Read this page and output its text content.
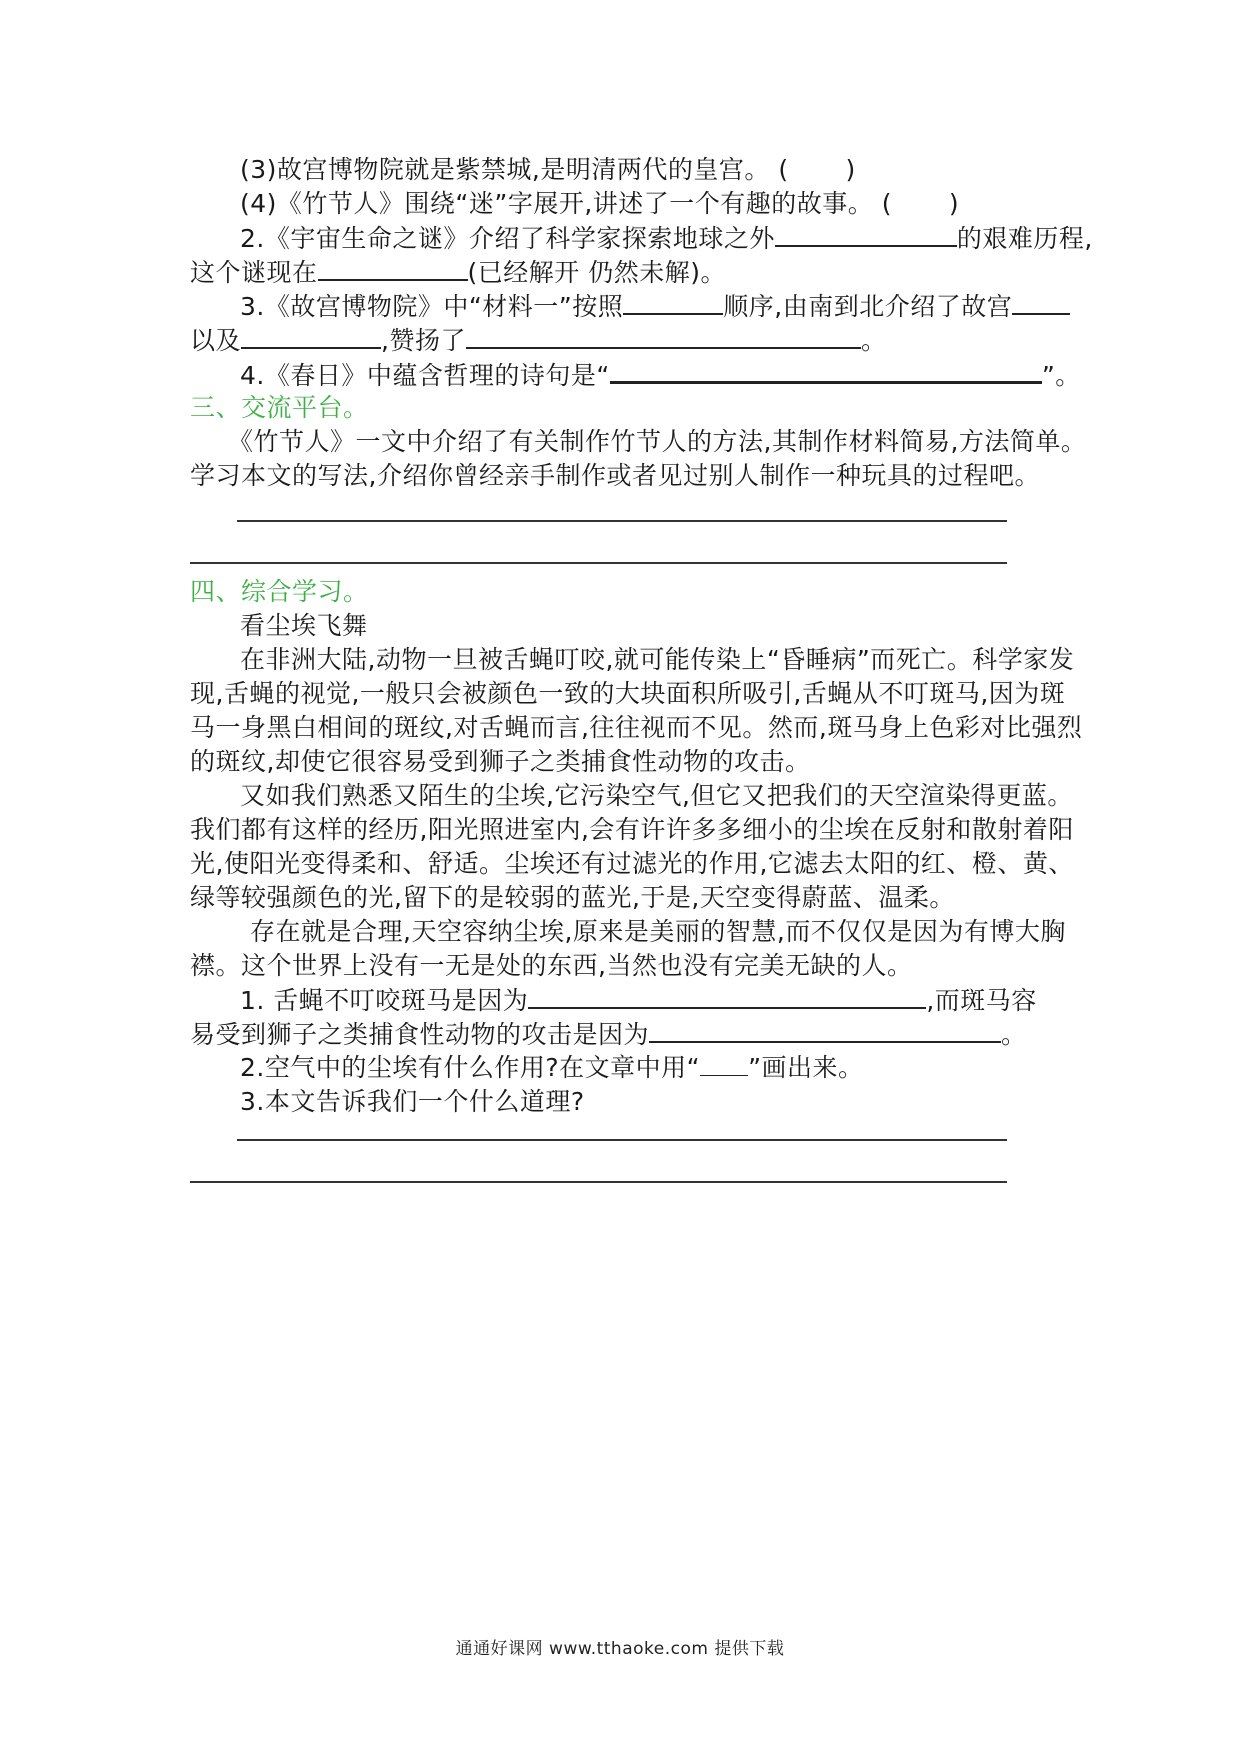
(3)故宫博物院就是紫禁城,是明清两代的皇宫。 ( )
(4)《竹节人》围绕“迷”字展开,讲述了一个有趣的故事。 ( )
2.《宇宙生命之谜》介绍了科学家探索地球之外	的艰难历程,
这个谜现在	(已经解开 仍然未解)。
3.《故宫博物院》中“材料一”按照	顺序,由南到北介绍了故宫
以及	,赞扬了	。
4.《春日》中蕴含哲理的诗句是“	”。
三、交流平台。
《竹节人》一文中介绍了有关制作竹节人的方法,其制作材料简易,方法简单。
学习本文的写法,介绍你曾经亲手制作或者见过别人制作一种玩具的过程吧。
四、综合学习。
看尘埃飞舞
在非洲大陆,动物一旦被舌蝇叮咬,就可能传染上“昏睡病”而死亡。科学家发
现,舌蝇的视觉,一般只会被颜色一致的大块面积所吸引,舌蝇从不叮斑马,因为斑
马一身黑白相间的斑纹,对舌蝇而言,往往视而不见。然而,斑马身上色彩对比强烈
的斑纹,却使它很容易受到狮子之类捕食性动物的攻击。
又如我们熟悉又陌生的尘埃,它污染空气,但它又把我们的天空渲染得更蓝。
我们都有这样的经历,阳光照进室内,会有许许多多细小的尘埃在反射和散射着阳
光,使阳光变得柔和、舒适。尘埃还有过滤光的作用,它滤去太阳的红、橙、黄、
绿等较强颜色的光,留下的是较弱的蓝光,于是,天空变得蔚蓝、温柔。
存在就是合理,天空容纳尘埃,原来是美丽的智慧,而不仅仅是因为有博大胸
襟。这个世界上没有一无是处的东西,当然也没有完美无缺的人。
1. 舌蝇不叮咬斑马是因为	,而斑马容
易受到狮子之类捕食性动物的攻击是因为	。
2.空气中的尘埃有什么作用?在文章中用“ ”画出来。
3.本文告诉我们一个什么道理?
通通好课网 www.tthaoke.com 提供下载
